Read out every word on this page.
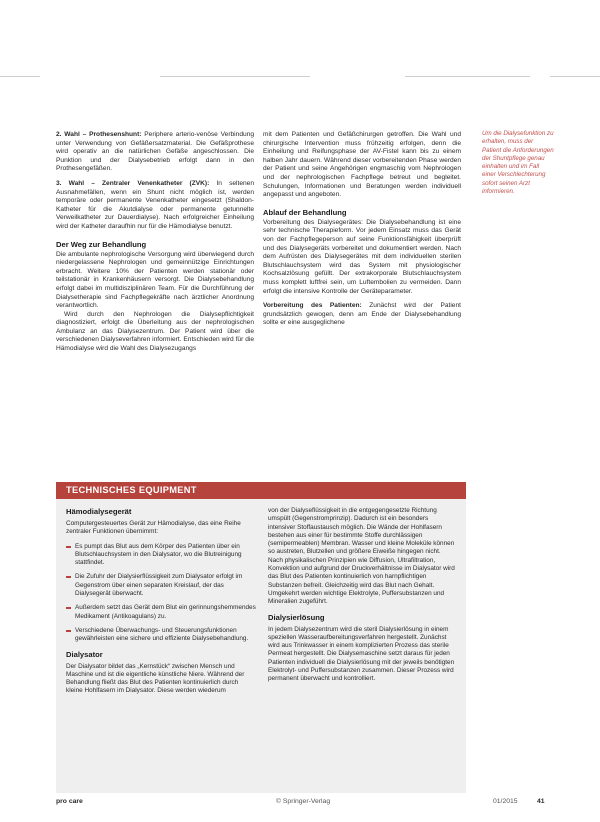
2. Wahl – Prothesenshunt: Periphere arterio-venöse Verbindung unter Verwendung von Gefäßersatzmaterial. Die Gefäßprothese wird operativ an die natürlichen Gefäße angeschlossen. Die Punktion und der Dialysebetrieb erfolgt dann in den Prothesengefäßen.

3. Wahl – Zentraler Venenkatheter (ZVK): In seltenen Ausnahmefällen, wenn ein Shunt nicht möglich ist, werden temporäre oder permanente Venenkatheter eingesetzt (Shaldon-Katheter für die Akutdialyse oder permanente getunnelte Verweilkatheter zur Dauerdialyse). Nach erfolgreicher Einheilung wird der Katheter daraufhin nur für die Hämodialyse benutzt.

Der Weg zur Behandlung

Die ambulante nephrologische Versorgung wird überwiegend durch niedergelassene Nephrologen und gemeinnützige Einrichtungen erbracht. Weitere 10% der Patienten werden stationär oder teilstationär in Krankenhäusern versorgt. Die Dialysebehandlung erfolgt dabei im multidisziplinären Team. Für die Durchführung der Dialysetherapie sind Fachpflegekräfte nach ärztlicher Anordnung verantwortlich.

Wird durch den Nephrologen die Dialysepflichtigkeit diagnostiziert, erfolgt die Überleitung aus der nephrologischen Ambulanz an das Dialysezentrum. Der Patient wird über die verschiedenen Dialyseverfahren informiert. Entschieden wird für die Hämodialyse wird die Wahl des Dialysezugangs

mit dem Patienten und Gefäßchirurgen getroffen. Die Wahl und chirurgische Intervention muss frühzeitig erfolgen, denn die Einheilung und Reifungsphase der AV-Fistel kann bis zu einem halben Jahr dauern. Während dieser vorbereitenden Phase werden der Patient und seine Angehörigen engmaschig vom Nephrologen und der nephrologischen Fachpflege betreut und begleitet. Schulungen, Informationen und Beratungen werden individuell angepasst und angeboten.

Ablauf der Behandlung

Vorbereitung des Dialysegerätes: Die Dialysebehandlung ist eine sehr technische Therapieform. Vor jedem Einsatz muss das Gerät von der Fachpflegeperson auf seine Funktionsfähigkeit überprüft und des Dialysegeräts vorbereitet und dokumentiert werden. Nach dem Aufrüsten des Dialysegerätes mit dem individuellen sterilen Blutschlauchsystem wird das System mit physiologischer Kochsalzlösung gefüllt. Der extrakorporale Blutschlauchsystem muss komplett luftfrei sein, um Luftembolien zu vermeiden. Dann erfolgt die intensive Kontrolle der Geräteparameter.

Vorbereitung des Patienten: Zunächst wird der Patient grundsätzlich gewogen, denn am Ende der Dialysebehandlung sollte er eine ausgeglichene

Um die Dialysefunktion zu erhalten, muss der Patient die Anforderungen der Shuntpflege genau einhalten und im Fall einer Verschlechterung sofort seinen Arzt informieren.
TECHNISCHES EQUIPMENT
Hämodialysegerät

Computergesteuertes Gerät zur Hämodialyse, das eine Reihe zentraler Funktionen übernimmt:

Es pumpt das Blut aus dem Körper des Patienten über ein Blutschlauchsystem in den Dialysator, wo die Blutreinigung stattfindet.
Die Zufuhr der Dialysierflüssigkeit zum Dialysator erfolgt im Gegenstrom über einen separaten Kreislauf, der das Dialysegerät überwacht.
Außerdem setzt das Gerät dem Blut ein gerinnungshemmendes Medikament (Antikoagulans) zu.
Verschiedene Überwachungs- und Steuerungsfunktionen gewährleisten eine sichere und effiziente Dialysebehandlung.
Dialysator

Der Dialysator bildet das „Kernstück“ zwischen Mensch und Maschine und ist die eigentliche künstliche Niere. Während der Behandlung fließt das Blut des Patienten kontinuierlich durch kleine Hohlfasern im Dialysator. Diese werden wiederum

von der Dialyseflüssigkeit in die entgegengesetzte Richtung umspült (Gegenstromprinzip). Dadurch ist ein besonders intensiver Stoffaustausch möglich. Die Wände der Hohlfasern bestehen aus einer für bestimmte Stoffe durchlässigen (semipermeablen) Membran. Wasser und kleine Moleküle können so austreten, Blutzellen und größere Eiweiße hingegen nicht. Nach physikalischen Prinzipien wie Diffusion, Ultrafiltration, Konvektion und aufgrund der Druckverhältnisse im Dialysator wird das Blut des Patienten kontinuierlich von harnpflichtigen Substanzen befreit. Gleichzeitig wird das Blut nach Gehalt. Umgekehrt werden wichtige Elektrolyte, Puffersubstanzen und Mineralien zugeführt.

Dialysierlösung

In jedem Dialysezentrum wird die steril Dialysierlösung in einem speziellen Wasseraufbereitungsverfahren hergestellt. Zunächst wird aus Trinkwasser in einem komplizierten Prozess das sterile Permeat hergestellt. Die Dialysemaschine setzt daraus für jeden Patienten individuell die Dialysierlösung mit der jeweils benötigten Elektrolyt- und Puffersubstanzen zusammen. Dieser Prozess wird permanent überwacht und kontrolliert.

pro care	© Springer-Verlag	01/2015	41
